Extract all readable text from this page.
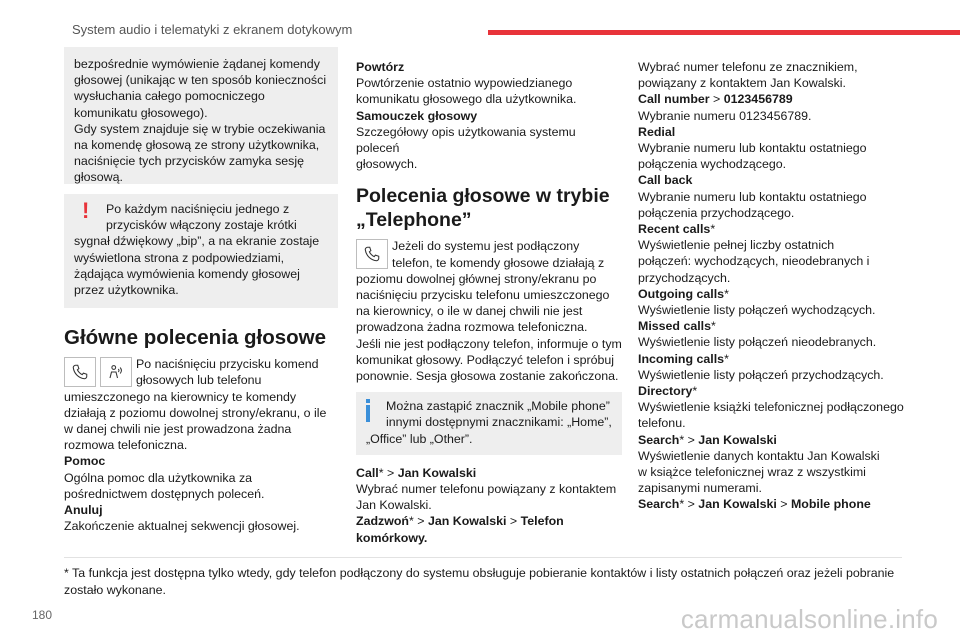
System audio i telematyki z ekranem dotykowym
bezpośrednie wymówienie żądanej komendy
głosowej (unikając w ten sposób konieczności
wysłuchania całego pomocniczego
komunikatu głosowego).
Gdy system znajduje się w trybie oczekiwania
na komendę głosową ze strony użytkownika,
naciśnięcie tych przycisków zamyka sesję
głosową.
!	Po każdym naciśnięciu jednego z
przycisków włączony zostaje krótki
sygnał dźwiękowy „bip”, a na ekranie zostaje
wyświetlona strona z podpowiedziami,
żądająca wymówienia komendy głosowej
przez użytkownika.
Główne polecenia głosowe
Po naciśnięciu przycisku komend
głosowych lub telefonu
umieszczonego na kierownicy te komendy
działają z poziomu dowolnej strony/ekranu, o ile
w danej chwili nie jest prowadzona żadna
rozmowa telefoniczna.
Pomoc
Ogólna pomoc dla użytkownika za
pośrednictwem dostępnych poleceń.
Anuluj
Zakończenie aktualnej sekwencji głosowej.
Powtórz
Powtórzenie ostatnio wypowiedzianego
komunikatu głosowego dla użytkownika.
Samouczek głosowy
Szczegółowy opis użytkowania systemu poleceń
głosowych.
Polecenia głosowe w trybie
„Telephone”
Jeżeli do systemu jest podłączony
telefon, te komendy głosowe działają z
poziomu dowolnej głównej strony/ekranu po
naciśnięciu przycisku telefonu umieszczonego
na kierownicy, o ile w danej chwili nie jest
prowadzona żadna rozmowa telefoniczna.
Jeśli nie jest podłączony telefon, informuje o tym
komunikat głosowy. Podłączyć telefon i spróbuj
ponownie. Sesja głosowa zostanie zakończona.
Można zastąpić znacznik „Mobile phone”
innymi dostępnymi znacznikami: „Home”,
„Office” lub „Other”.
Call* > Jan Kowalski
Wybrać numer telefonu powiązany z kontaktem
Jan Kowalski.
Zadzwoń* > Jan Kowalski > Telefon
komórkowy.
Wybrać numer telefonu ze znacznikiem,
powiązany z kontaktem Jan Kowalski.
Call number > 0123456789
Wybranie numeru 0123456789.
Redial
Wybranie numeru lub kontaktu ostatniego
połączenia wychodzącego.
Call back
Wybranie numeru lub kontaktu ostatniego
połączenia przychodzącego.
Recent calls*
Wyświetlenie pełnej liczby ostatnich
połączeń: wychodzących, nieodebranych i
przychodzących.
Outgoing calls*
Wyświetlenie listy połączeń wychodzących.
Missed calls*
Wyświetlenie listy połączeń nieodebranych.
Incoming calls*
Wyświetlenie listy połączeń przychodzących.
Directory*
Wyświetlenie książki telefonicznej podłączonego
telefonu.
Search* > Jan Kowalski
Wyświetlenie danych kontaktu Jan Kowalski
w książce telefonicznej wraz z wszystkimi
zapisanymi numerami.
Search* > Jan Kowalski > Mobile phone
* Ta funkcja jest dostępna tylko wtedy, gdy telefon podłączony do systemu obsługuje pobieranie kontaktów i listy ostatnich połączeń oraz jeżeli pobranie
zostało wykonane.
180	carmanualsonline.info
